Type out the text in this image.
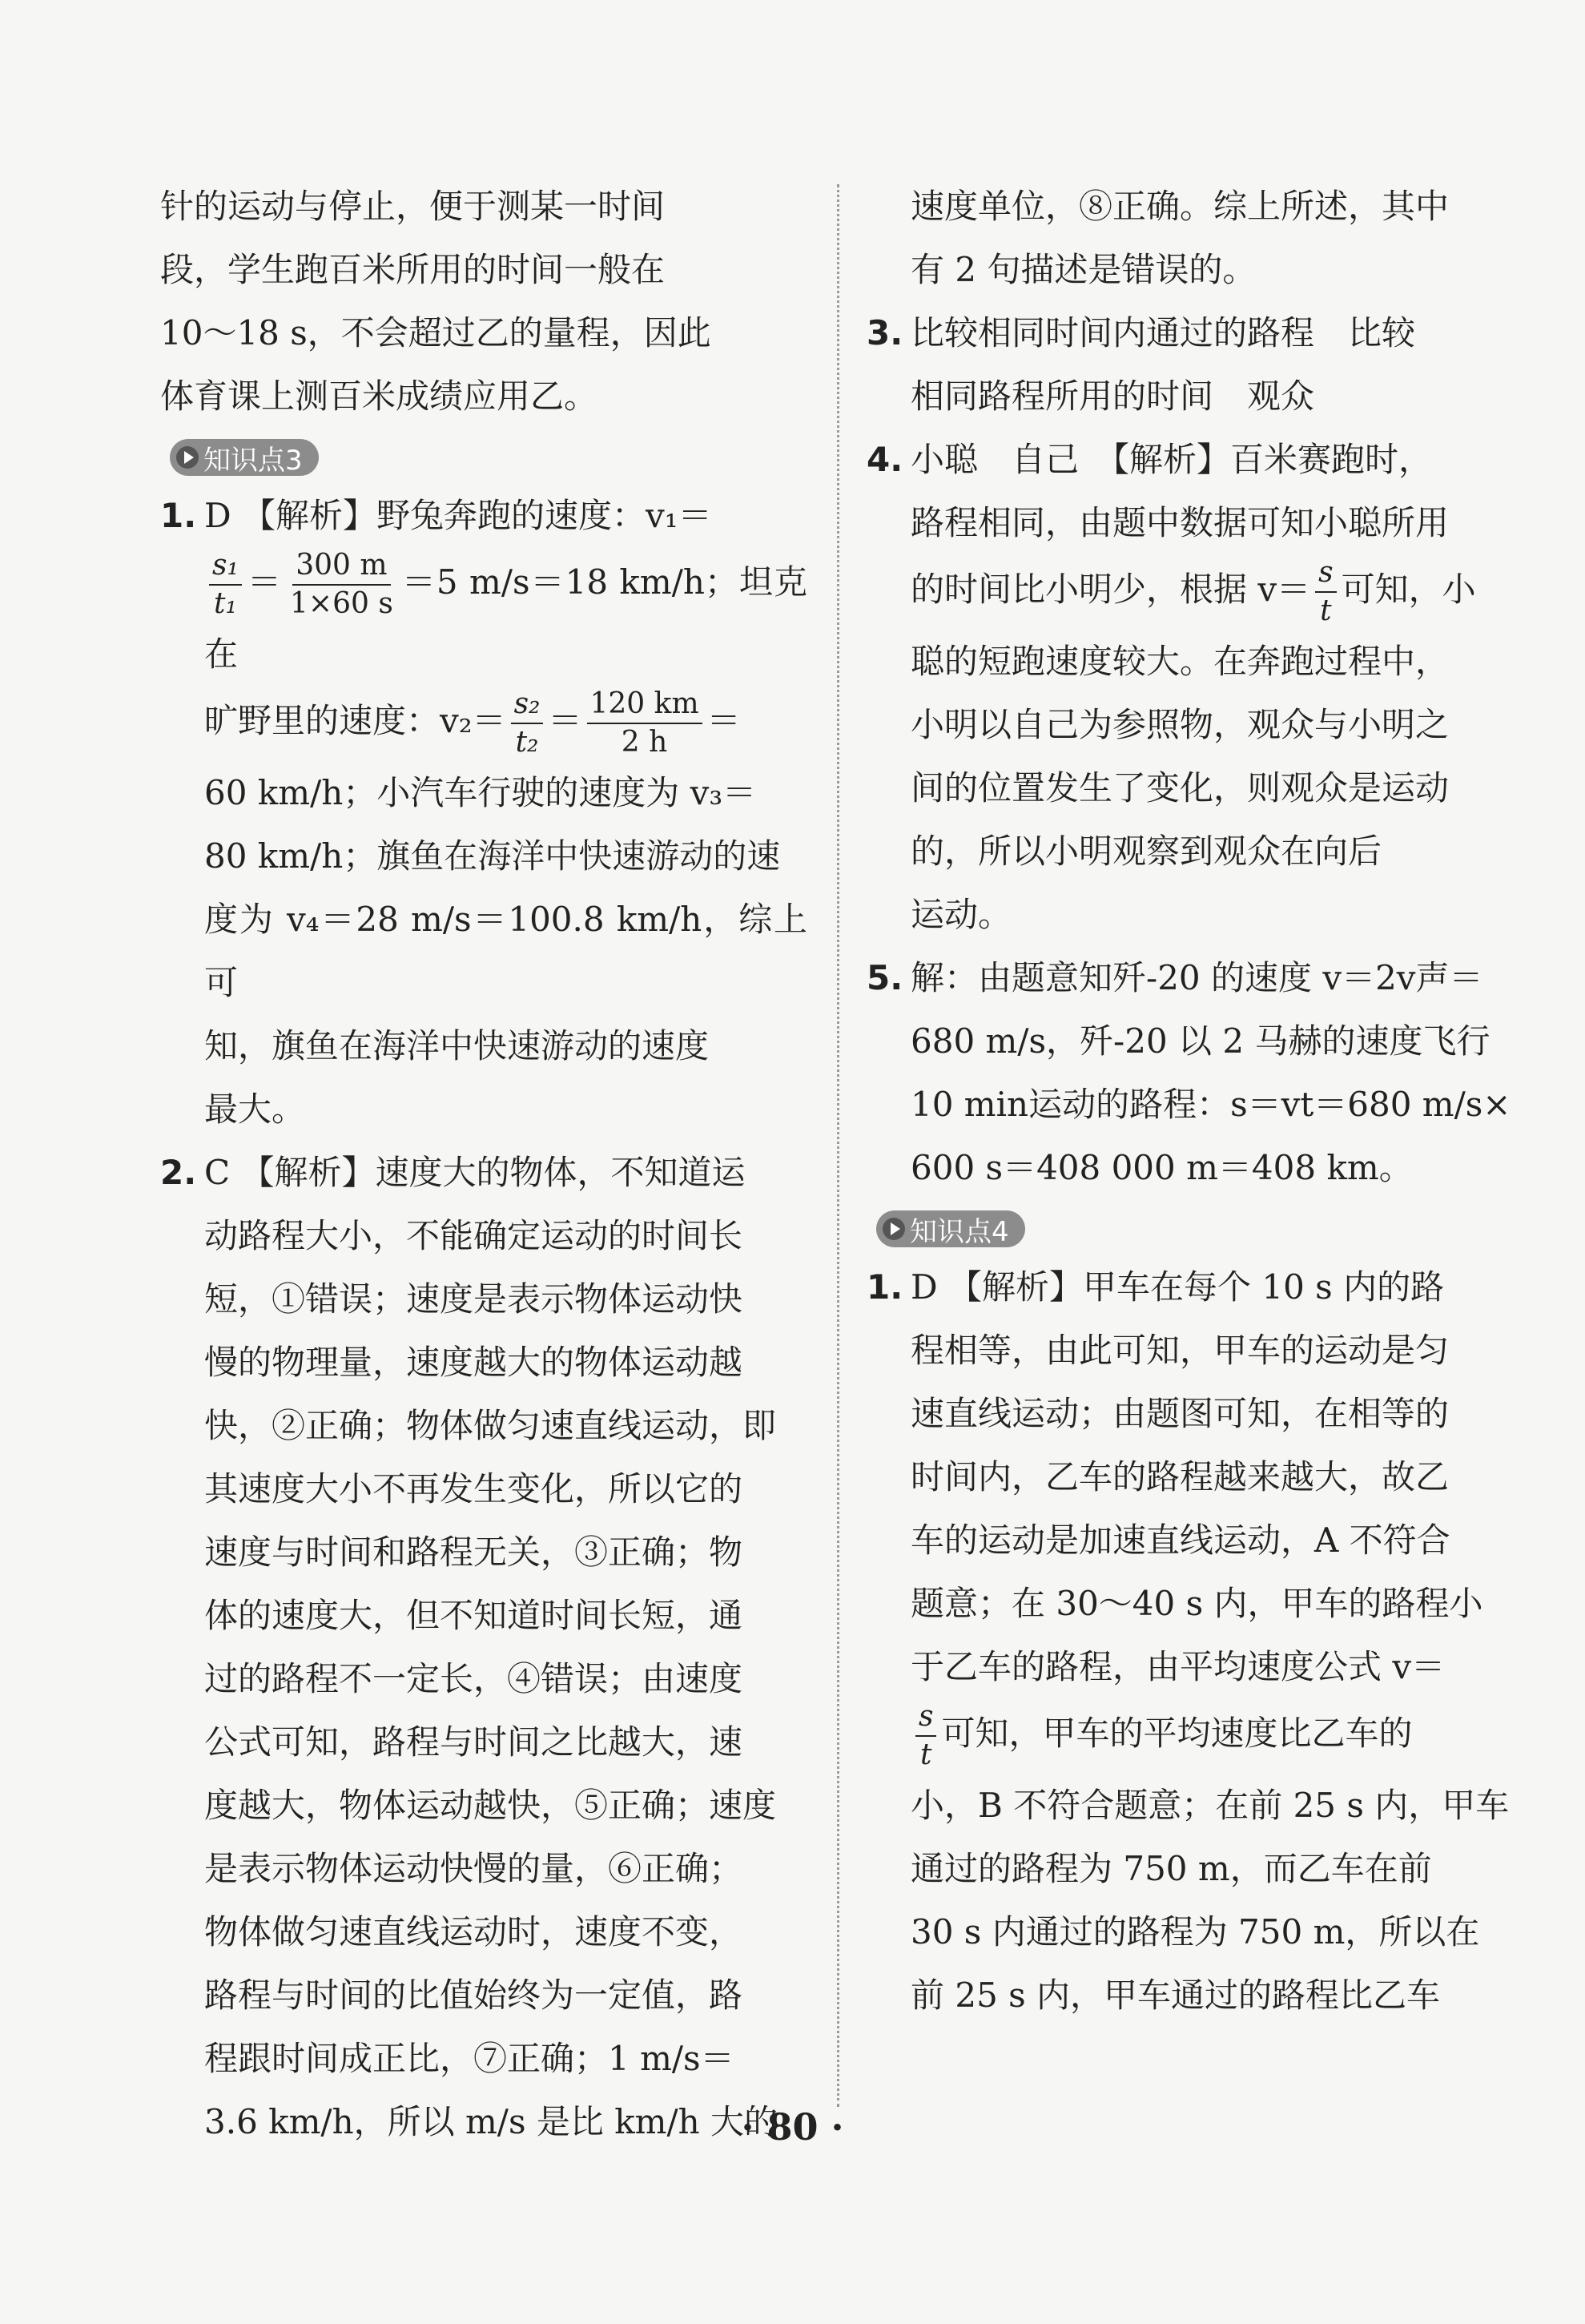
针的运动与停止，便于测某一时间

段，学生跑百米所用的时间一般在

10～18 s，不会超过乙的量程，因此

体育课上测百米成绩应用乙。

知识点3
1. D 【解析】野兔奔跑的速度：v₁＝

$\frac{\text{s₁}}{\text{t₁}} = \frac{300 m}{1\times 60 s} =5$ m/s＝18 km/h；坦克在

旷野里的速度：$v_2= \frac{\text{s₂}}{\text{t₂}} = \frac{120 km}{2 h}$ ＝

60 km/h；小汽车行驶的速度为 v₃＝

80 km/h；旗鱼在海洋中快速游动的速

度为 v₄＝28 m/s＝100.8 km/h，综上可

知，旗鱼在海洋中快速游动的速度

最大。

2. C 【解析】速度大的物体，不知道运

动路程大小，不能确定运动的时间长

短，①错误；速度是表示物体运动快

慢的物理量，速度越大的物体运动越

快，②正确；物体做匀速直线运动，即

其速度大小不再发生变化，所以它的

速度与时间和路程无关，③正确；物

体的速度大，但不知道时间长短，通

过的路程不一定长，④错误；由速度

公式可知，路程与时间之比越大，速

度越大，物体运动越快，⑤正确；速度

是表示物体运动快慢的量，⑥正确；

物体做匀速直线运动时，速度不变，

路程与时间的比值始终为一定值，路

程跟时间成正比，⑦正确；1 m/s＝

3.6 km/h，所以 m/s 是比 km/h 大的

速度单位，⑧正确。综上所述，其中

有 2 句描述是错误的。

3. 比较相同时间内通过的路程　比较

相同路程所用的时间　观众

4. 小聪　自己　【解析】百米赛跑时，

路程相同，由题中数据可知小聪所用

的时间比小明少，根据 $v= \frac{s}{t}$ 可知，小

聪的短跑速度较大。在奔跑过程中，

小明以自己为参照物，观众与小明之

间的位置发生了变化，则观众是运动

的，所以小明观察到观众在向后

运动。

5. 解：由题意知歼-20 的速度 v＝2v声＝

680 m/s，歼-20 以 2 马赫的速度飞行

10 min运动的路程：s＝vt＝680 m/s×

600 s＝408 000 m＝408 km。

知识点4
1. D 【解析】甲车在每个 10 s 内的路

程相等，由此可知，甲车的运动是匀

速直线运动；由题图可知，在相等的

时间内，乙车的路程越来越大，故乙

车的运动是加速直线运动，A 不符合

题意；在 30～40 s 内，甲车的路程小

于乙车的路程，由平均速度公式 v＝

$\frac{s}{t}$ 可知，甲车的平均速度比乙车的

小，B 不符合题意；在前 25 s 内，甲车

通过的路程为 750 m，而乙车在前

30 s 内通过的路程为 750 m，所以在

前 25 s 内，甲车通过的路程比乙车

· 80 ·
